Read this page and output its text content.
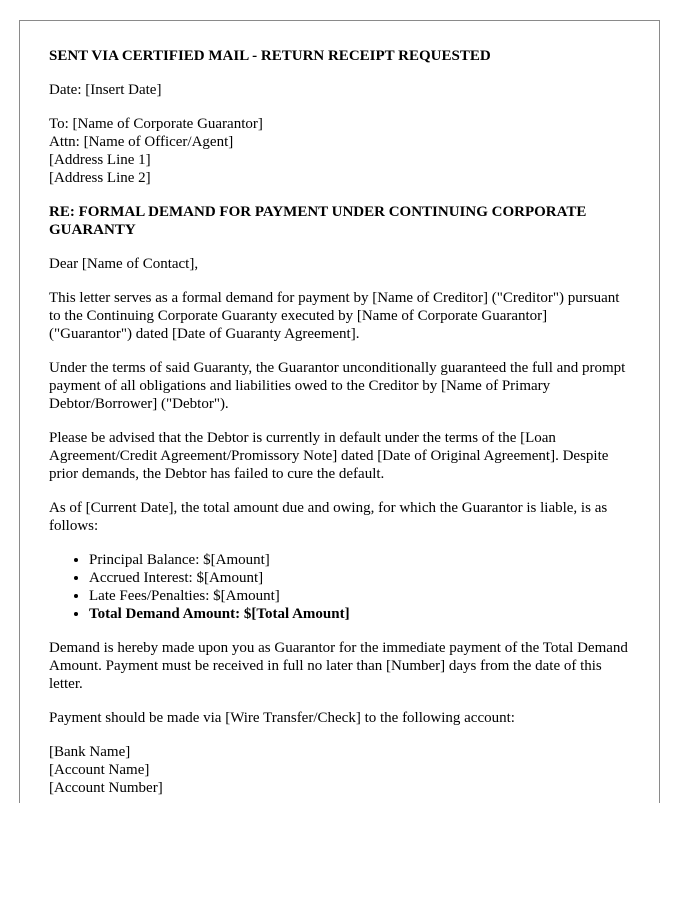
SENT VIA CERTIFIED MAIL - RETURN RECEIPT REQUESTED

Date: [Insert Date]

To: [Name of Corporate Guarantor]
Attn: [Name of Officer/Agent]
[Address Line 1]
[Address Line 2]

RE: FORMAL DEMAND FOR PAYMENT UNDER CONTINUING CORPORATE GUARANTY

Dear [Name of Contact],

This letter serves as a formal demand for payment by [Name of Creditor] ("Creditor") pursuant to the Continuing Corporate Guaranty executed by [Name of Corporate Guarantor] ("Guarantor") dated [Date of Guaranty Agreement].

Under the terms of said Guaranty, the Guarantor unconditionally guaranteed the full and prompt payment of all obligations and liabilities owed to the Creditor by [Name of Primary Debtor/Borrower] ("Debtor").

Please be advised that the Debtor is currently in default under the terms of the [Loan Agreement/Credit Agreement/Promissory Note] dated [Date of Original Agreement]. Despite prior demands, the Debtor has failed to cure the default.

As of [Current Date], the total amount due and owing, for which the Guarantor is liable, is as follows:

• Principal Balance: $[Amount]
• Accrued Interest: $[Amount]
• Late Fees/Penalties: $[Amount]
• Total Demand Amount: $[Total Amount]

Demand is hereby made upon you as Guarantor for the immediate payment of the Total Demand Amount. Payment must be received in full no later than [Number] days from the date of this letter.

Payment should be made via [Wire Transfer/Check] to the following account:

[Bank Name]
[Account Name]
[Account Number]
